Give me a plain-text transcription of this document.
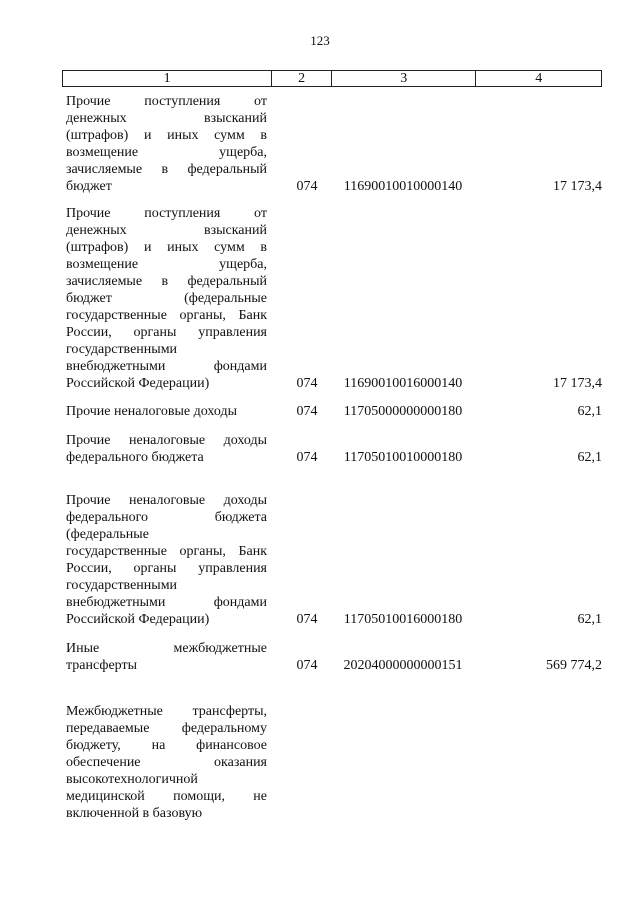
123
1	2	3	4
Прочие поступления от
денежных взысканий
(штрафов) и иных сумм в
возмещение ущерба,
зачисляемые в федеральный
бюджет	074	11690010010000140	17 173,4
Прочие поступления от
денежных взысканий
(штрафов) и иных сумм в
возмещение ущерба,
зачисляемые в федеральный
бюджет (федеральные
государственные органы, Банк
России, органы управления
государственными
внебюджетными фондами
Российской Федерации)	074	11690010016000140	17 173,4
Прочие неналоговые доходы	074	11705000000000180	62,1
Прочие неналоговые доходы
федерального бюджета	074	11705010010000180	62,1
Прочие неналоговые доходы
федерального бюджета
(федеральные
государственные органы, Банк
России, органы управления
государственными
внебюджетными фондами
Российской Федерации)	074	11705010016000180	62,1
Иные межбюджетные
трансферты	074	20204000000000151	569 774,2
Межбюджетные трансферты,
передаваемые федеральному
бюджету, на финансовое
обеспечение оказания
высокотехнологичной
медицинской помощи, не
включенной в базовую
